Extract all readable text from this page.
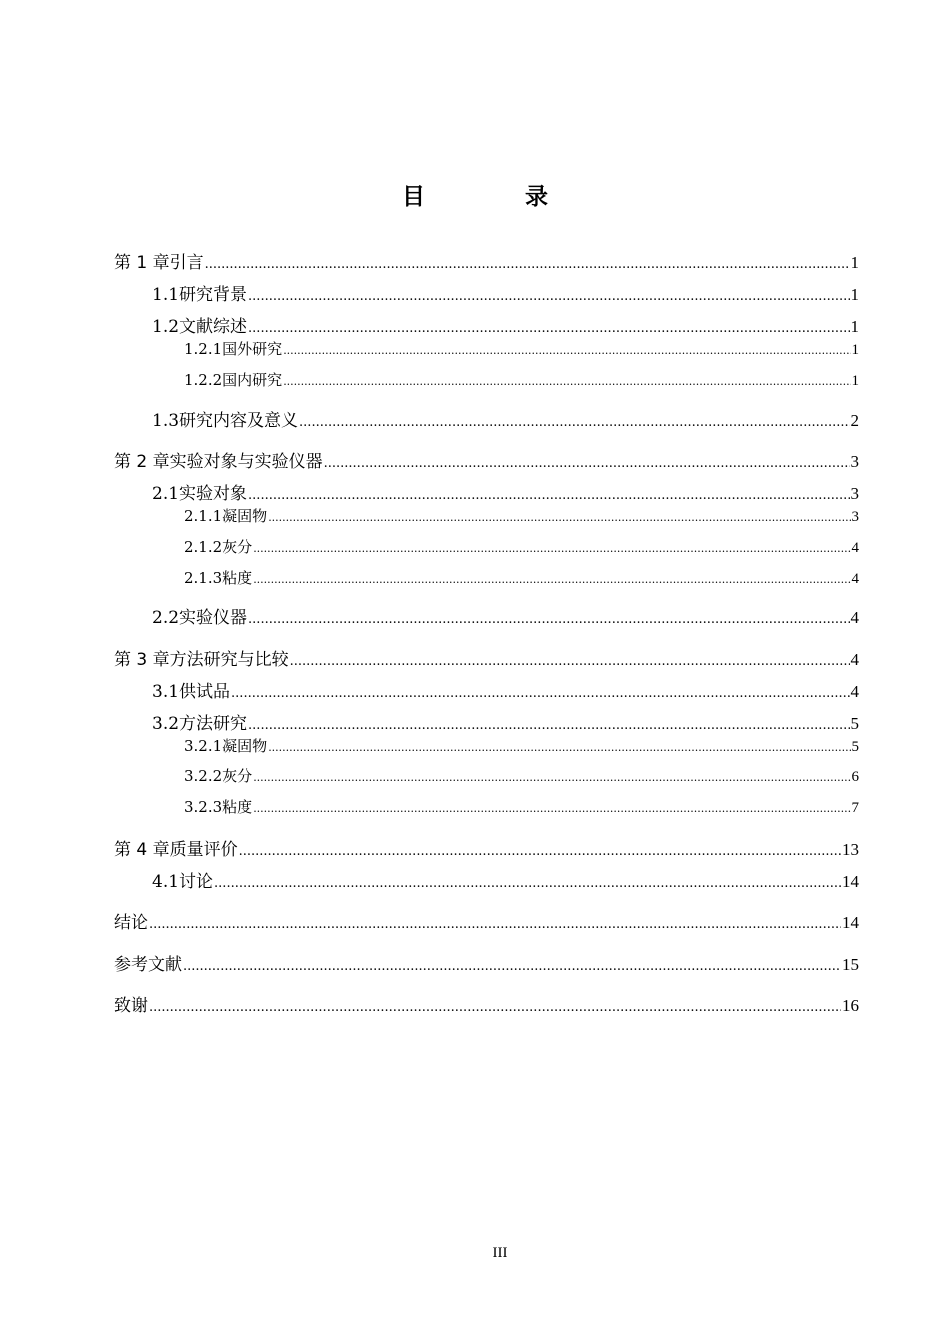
目 录
第 1 章 引言 .....	1
1.1 研究背景 .....	1
1.2 文献综述 .....	1
1.2.1 国外研究 .....	1
1.2.2 国内研究 .....	1
1.3 研究内容及意义 .....	2
第 2 章 实验对象与实验仪器 .....	3
2.1 实验对象 .....	3
2.1.1 凝固物 .....	3
2.1.2 灰分 .....	4
2.1.3 粘度 .....	4
2.2 实验仪器 .....	4
第 3 章 方法研究与比较 .....	4
3.1 供试品 .....	4
3.2 方法研究 .....	5
3.2.1 凝固物 .....	5
3.2.2 灰分 .....	6
3.2.3 粘度 .....	7
第 4 章 质量评价 .....	13
4.1 讨论 .....	14
结论 .....	14
参考文献 .....	15
致谢 .....	16
III
